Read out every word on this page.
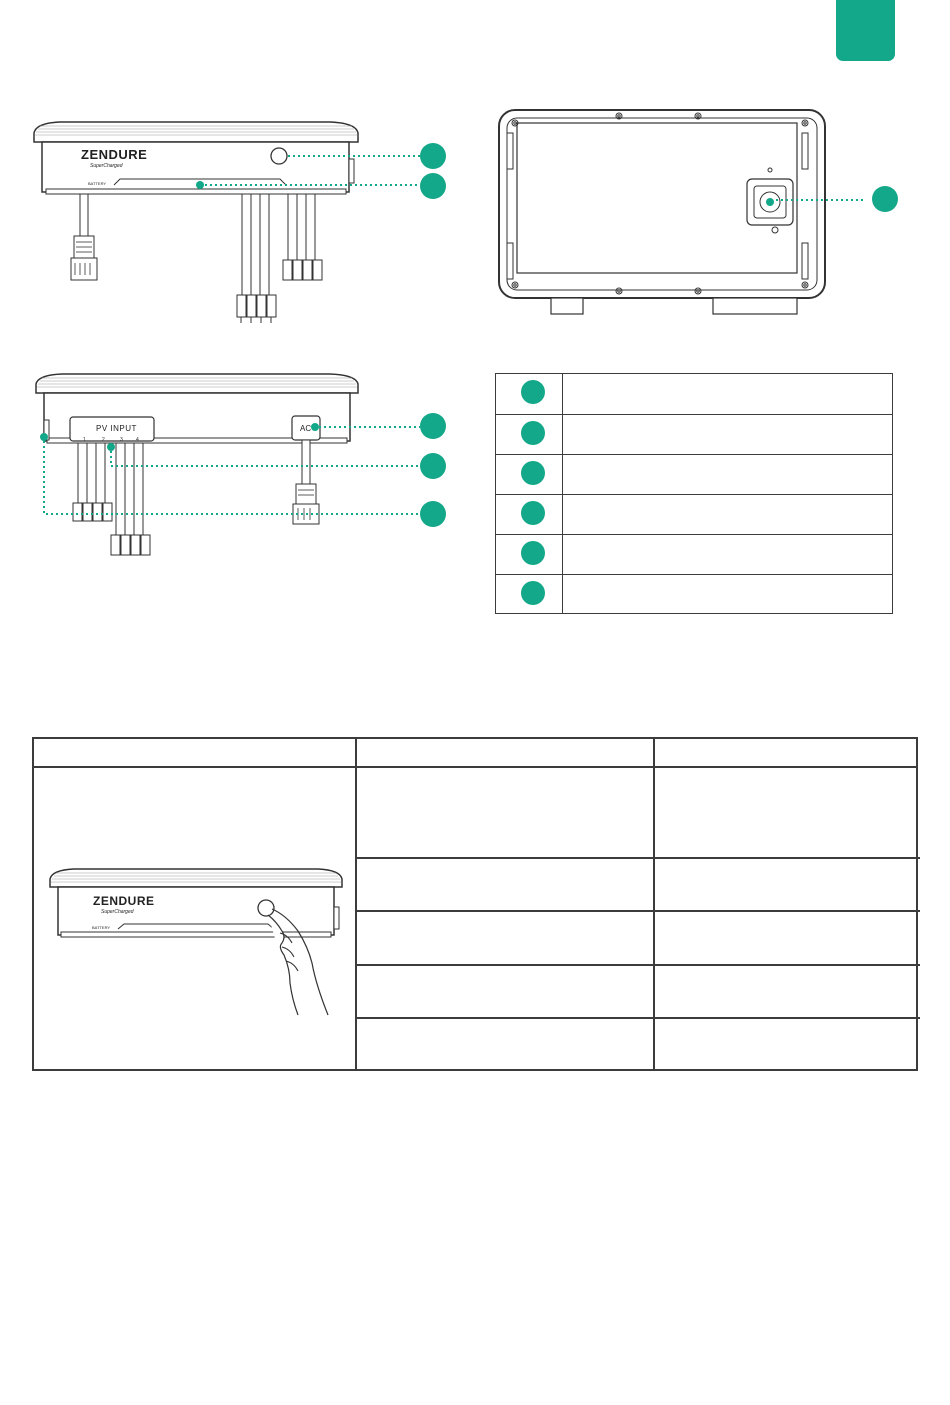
ZENDURE
SuperCharged
BATTERY
PV INPUT	AC
1	2	3	4
ZENDURE
SuperCharged
BATTERY
